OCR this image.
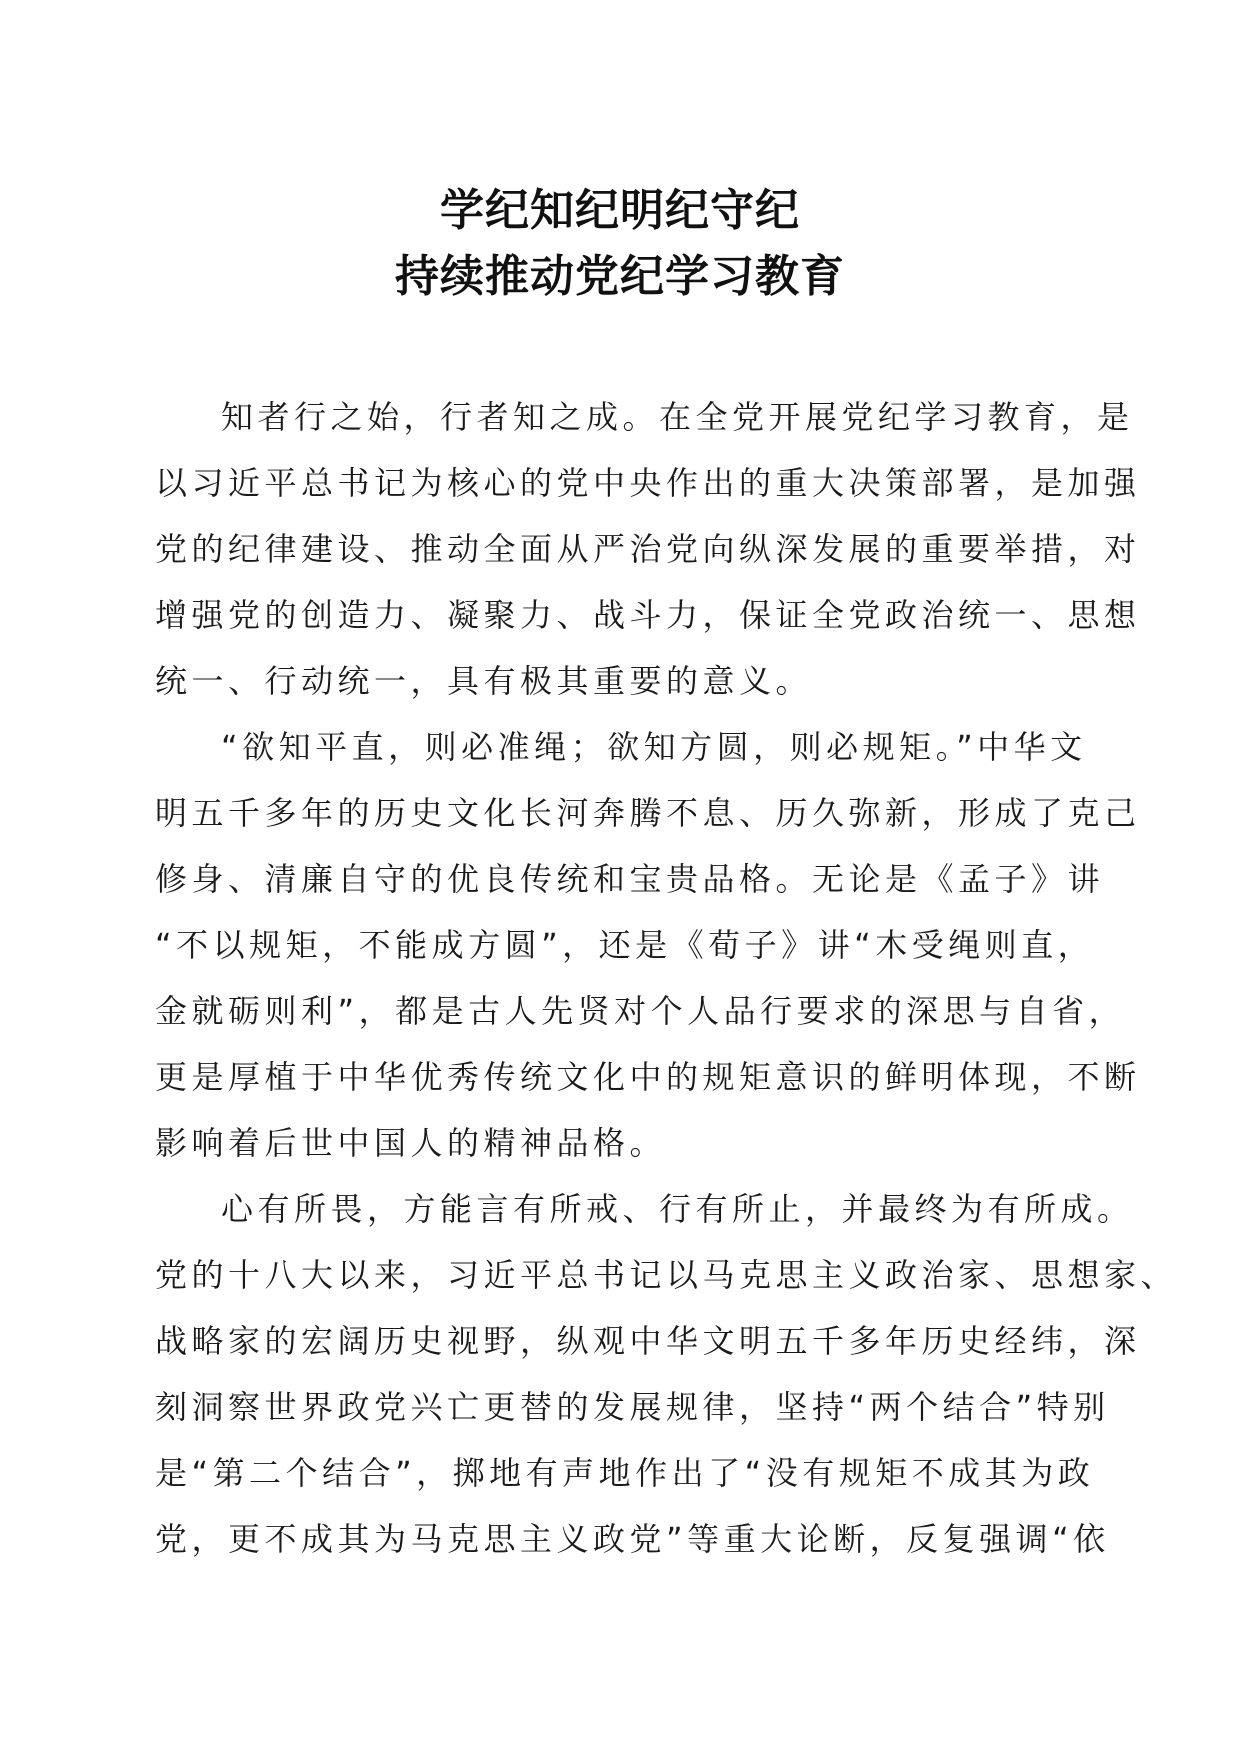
学纪知纪明纪守纪
持续推动党纪学习教育
知者行之始，行者知之成。在全党开展党纪学习教育，是
以习近平总书记为核心的党中央作出的重大决策部署，是加强
党的纪律建设、推动全面从严治党向纵深发展的重要举措，对
增强党的创造力、凝聚力、战斗力，保证全党政治统一、思想
统一、行动统一，具有极其重要的意义。
“欲知平直，则必准绳；欲知方圆，则必规矩。”中华文
明五千多年的历史文化长河奔腾不息、历久弥新，形成了克己
修身、清廉自守的优良传统和宝贵品格。无论是《孟子》讲
“不以规矩，不能成方圆”，还是《荀子》讲“木受绳则直，
金就砺则利”，都是古人先贤对个人品行要求的深思与自省，
更是厚植于中华优秀传统文化中的规矩意识的鲜明体现，不断
影响着后世中国人的精神品格。
心有所畏，方能言有所戒、行有所止，并最终为有所成。
党的十八大以来，习近平总书记以马克思主义政治家、思想家、
战略家的宏阔历史视野，纵观中华文明五千多年历史经纬，深
刻洞察世界政党兴亡更替的发展规律，坚持“两个结合”特别
是“第二个结合”，掷地有声地作出了“没有规矩不成其为政
党，更不成其为马克思主义政党”等重大论断，反复强调“依
